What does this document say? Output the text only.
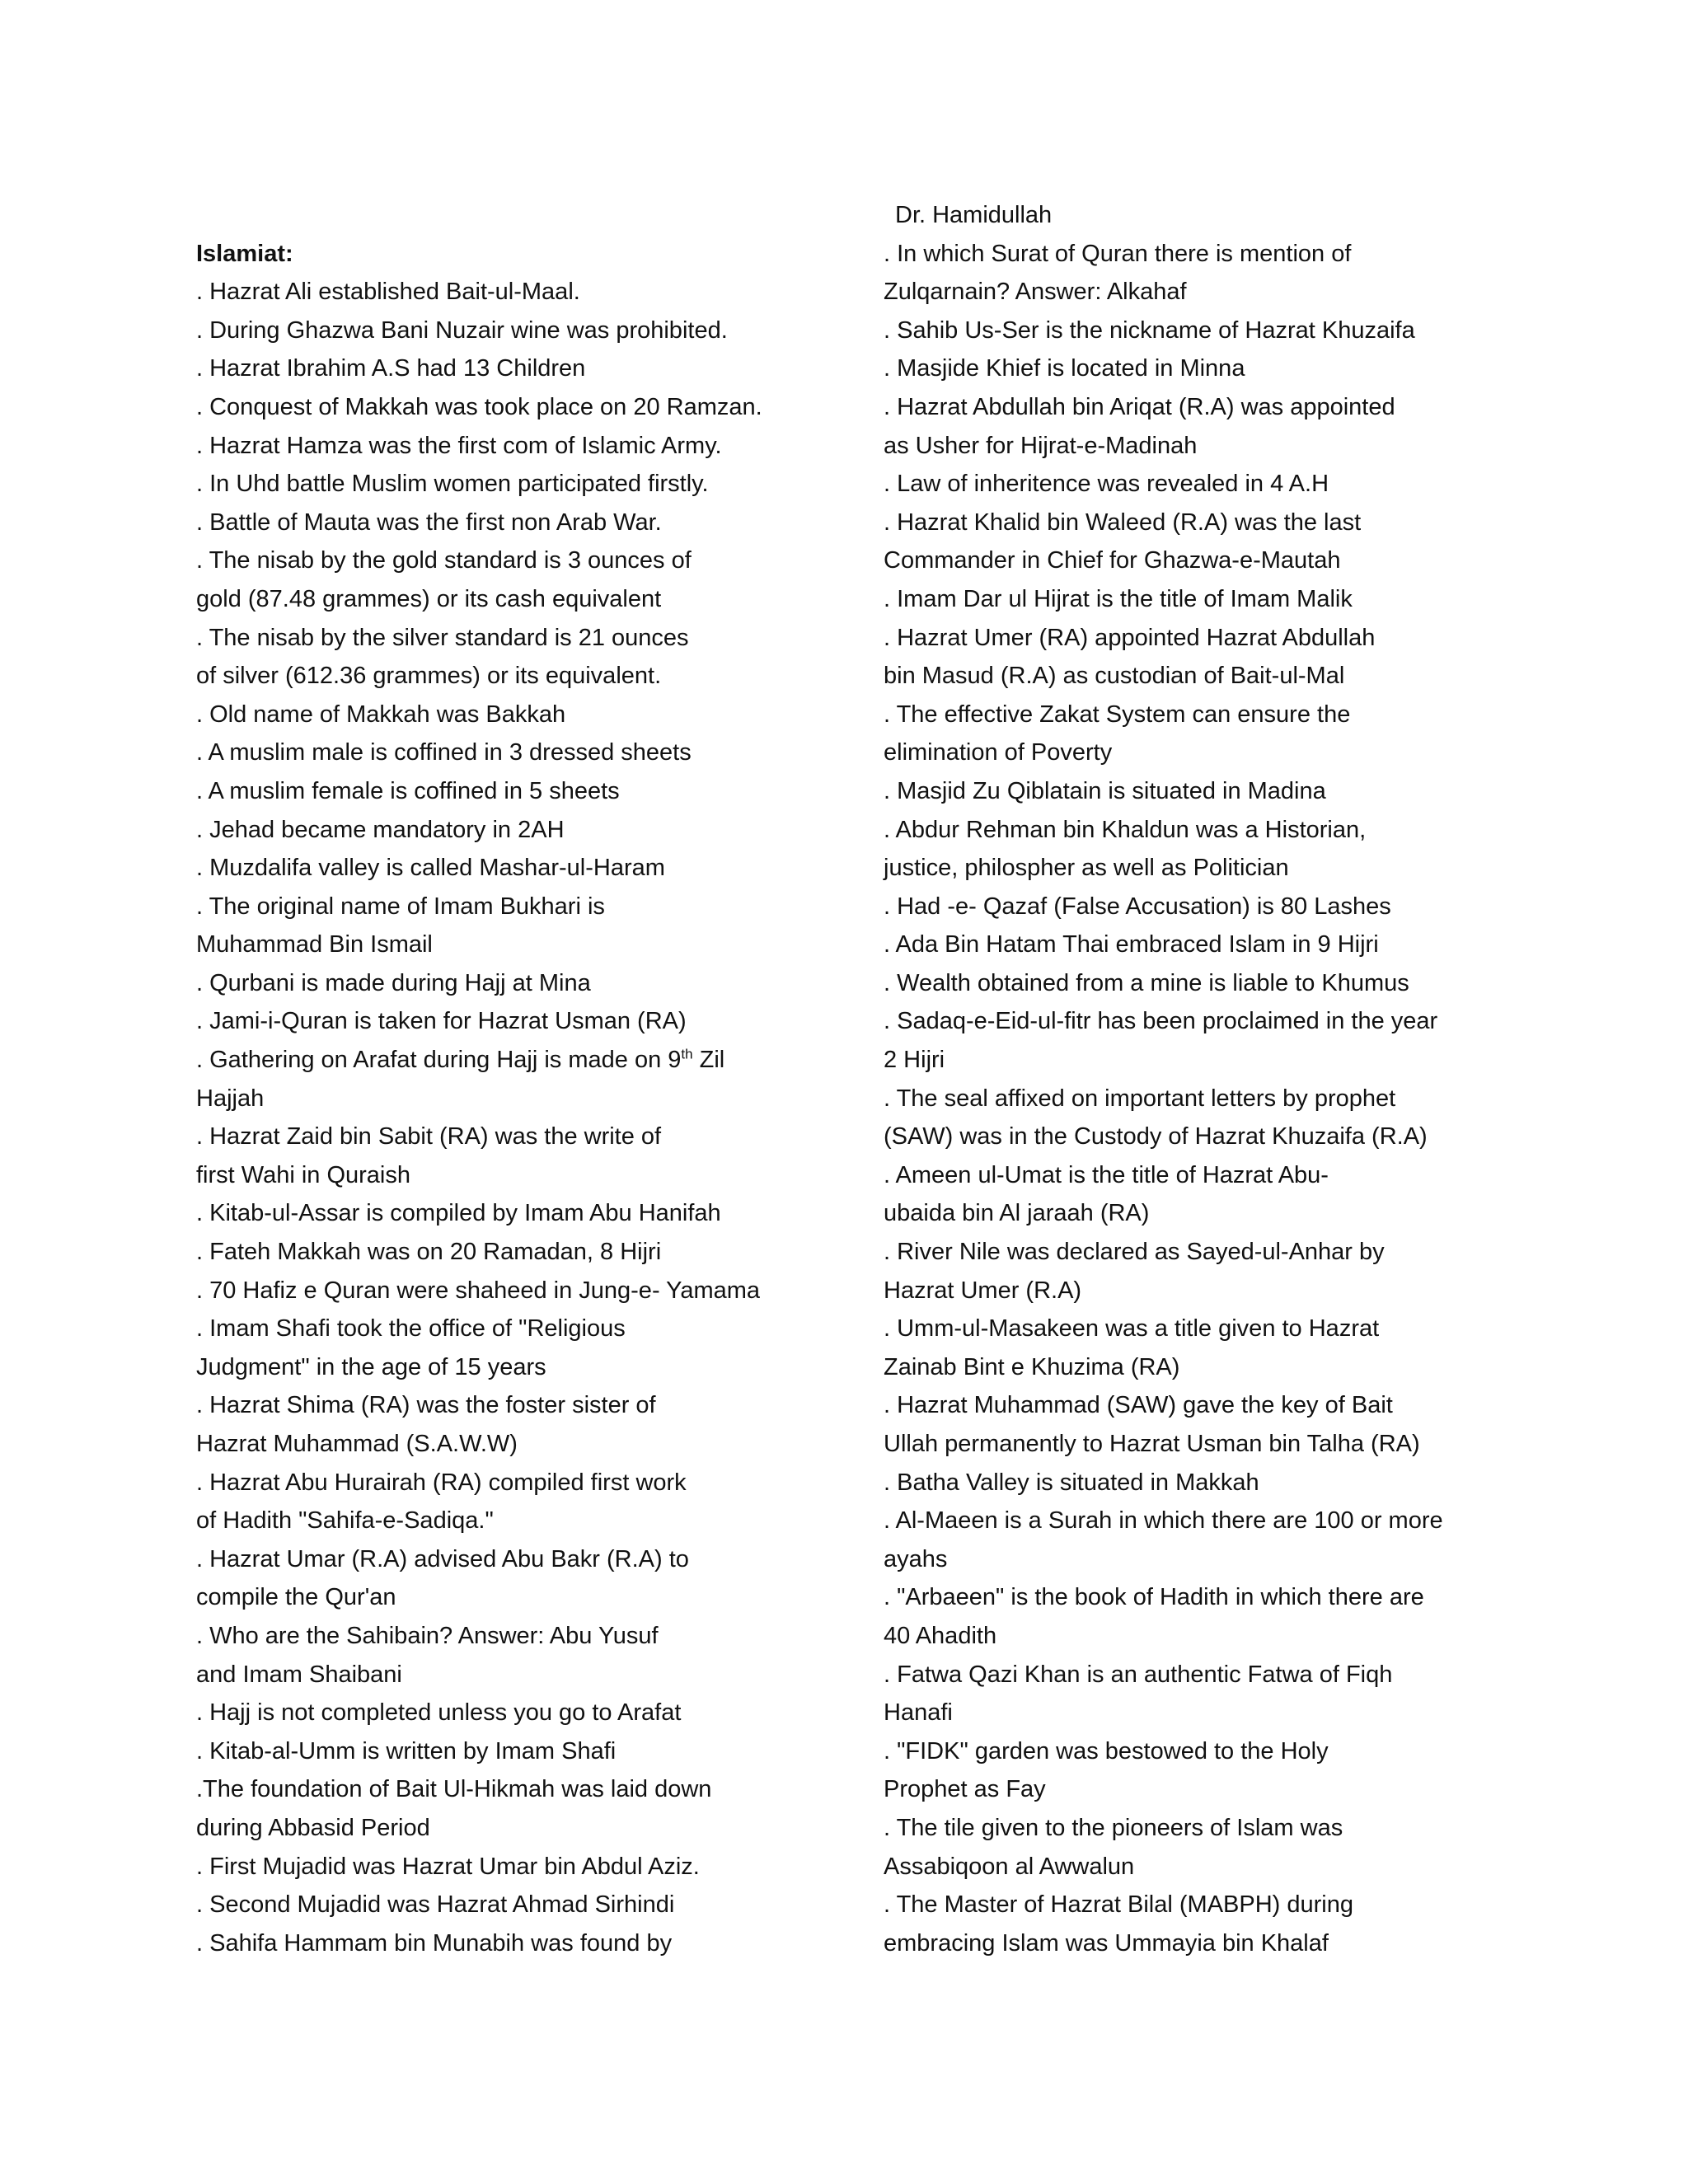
Islamiat:
. Hazrat Ali established Bait-ul-Maal.
. During Ghazwa Bani Nuzair wine was prohibited.
. Hazrat Ibrahim A.S had 13 Children
. Conquest of Makkah was took place on 20 Ramzan.
. Hazrat Hamza was the first com of Islamic Army.
. In Uhd battle Muslim women participated firstly.
. Battle of Mauta was the first non Arab War.
. The nisab by the gold standard is 3 ounces of
gold (87.48 grammes) or its cash equivalent
. The nisab by the silver standard is 21 ounces
of silver (612.36 grammes) or its equivalent.
. Old name of Makkah was Bakkah
. A muslim male is coffined in 3 dressed sheets
. A muslim female is coffined in 5 sheets
. Jehad became mandatory in 2AH
. Muzdalifa valley is called Mashar-ul-Haram
. The original name of Imam Bukhari is
Muhammad Bin Ismail
. Qurbani is made during Hajj at Mina
. Jami-i-Quran is taken for Hazrat Usman (RA)
. Gathering on Arafat during Hajj is made on 9th Zil
Hajjah
. Hazrat Zaid bin Sabit (RA) was the write of
first Wahi in Quraish
. Kitab-ul-Assar is compiled by Imam Abu Hanifah
. Fateh Makkah was on 20 Ramadan, 8 Hijri
. 70 Hafiz e Quran were shaheed in Jung-e- Yamama
. Imam Shafi took the office of "Religious
Judgment" in the age of 15 years
. Hazrat Shima (RA) was the foster sister of
Hazrat Muhammad (S.A.W.W)
. Hazrat Abu Hurairah (RA) compiled first work
of Hadith "Sahifa-e-Sadiqa."
. Hazrat Umar (R.A) advised Abu Bakr (R.A) to
compile the Qur'an
. Who are the Sahibain? Answer: Abu Yusuf
and Imam Shaibani
. Hajj is not completed unless you go to Arafat
. Kitab-al-Umm is written by Imam Shafi
.The foundation of Bait Ul-Hikmah was laid down
during Abbasid Period
. First Mujadid was Hazrat Umar bin Abdul Aziz.
. Second Mujadid was Hazrat Ahmad Sirhindi
. Sahifa Hammam bin Munabih was found by
Dr. Hamidullah
. In which Surat of Quran there is mention of
Zulqarnain? Answer: Alkahaf
. Sahib Us-Ser is the nickname of Hazrat Khuzaifa
. Masjide Khief is located in Minna
. Hazrat Abdullah bin Ariqat (R.A) was appointed
as Usher for Hijrat-e-Madinah
. Law of inheritence was revealed in 4 A.H
. Hazrat Khalid bin Waleed (R.A) was the last
Commander in Chief for Ghazwa-e-Mautah
. Imam Dar ul Hijrat is the title of Imam Malik
. Hazrat Umer (RA) appointed Hazrat Abdullah
bin Masud (R.A) as custodian of Bait-ul-Mal
. The effective Zakat System can ensure the
elimination of Poverty
. Masjid Zu Qiblatain is situated in Madina
. Abdur Rehman bin Khaldun was a Historian,
justice, philospher as well as Politician
. Had -e- Qazaf (False Accusation) is 80 Lashes
. Ada Bin Hatam Thai embraced Islam in 9 Hijri
. Wealth obtained from a mine is liable to Khumus
. Sadaq-e-Eid-ul-fitr has been proclaimed in the year
2 Hijri
. The seal affixed on important letters by prophet
(SAW) was in the Custody of Hazrat Khuzaifa (R.A)
. Ameen ul-Umat is the title of Hazrat Abu-
ubaida bin Al jaraah (RA)
. River Nile was declared as Sayed-ul-Anhar by
Hazrat Umer (R.A)
. Umm-ul-Masakeen was a title given to Hazrat
Zainab Bint e Khuzima (RA)
. Hazrat Muhammad (SAW) gave the key of Bait
Ullah permanently to Hazrat Usman bin Talha (RA)
. Batha Valley is situated in Makkah
. Al-Maeen is a Surah in which there are 100 or more
ayahs
. "Arbaeen" is the book of Hadith in which there are
40 Ahadith
. Fatwa Qazi Khan is an authentic Fatwa of Fiqh
Hanafi
. "FIDK" garden was bestowed to the Holy
Prophet as Fay
. The tile given to the pioneers of Islam was
Assabiqoon al Awwalun
. The Master of Hazrat Bilal (MABPH) during
embracing Islam was Ummayia bin Khalaf
